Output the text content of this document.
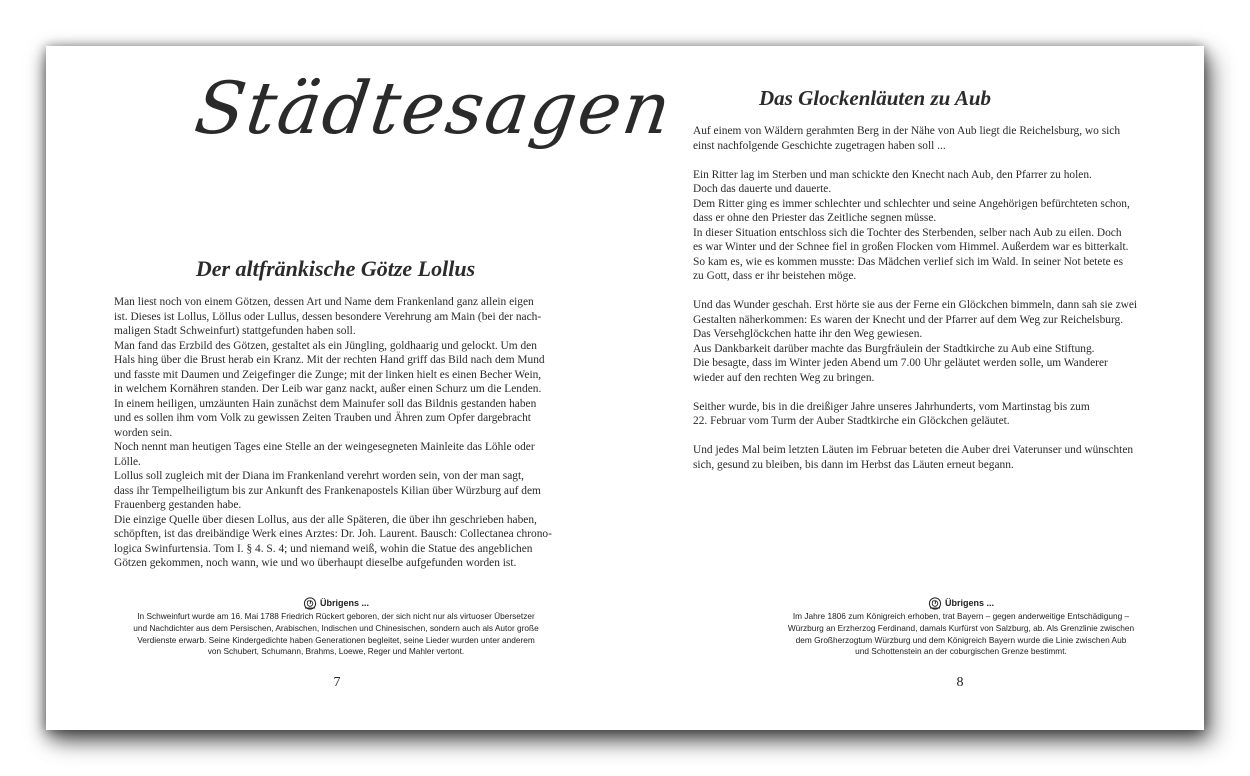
Städtesagen
Der altfränkische Götze Lollus

Man liest noch von einem Götzen, dessen Art und Name dem Frankenland ganz allein eigen

ist. Dieses ist Lollus, Löllus oder Lullus, dessen besondere Verehrung am Main (bei der nach-

maligen Stadt Schweinfurt) stattgefunden haben soll.

Man fand das Erzbild des Götzen, gestaltet als ein Jüngling, goldhaarig und gelockt. Um den

Hals hing über die Brust herab ein Kranz. Mit der rechten Hand griff das Bild nach dem Mund

und fasste mit Daumen und Zeigefinger die Zunge; mit der linken hielt es einen Becher Wein,

in welchem Kornähren standen. Der Leib war ganz nackt, außer einen Schurz um die Lenden.

In einem heiligen, umzäunten Hain zunächst dem Mainufer soll das Bildnis gestanden haben

und es sollen ihm vom Volk zu gewissen Zeiten Trauben und Ähren zum Opfer dargebracht

worden sein.

Noch nennt man heutigen Tages eine Stelle an der weingesegneten Mainleite das Löhle oder Lölle.

Lollus soll zugleich mit der Diana im Frankenland verehrt worden sein, von der man sagt,

dass ihr Tempelheiligtum bis zur Ankunft des Frankenapostels Kilian über Würzburg auf dem

Frauenberg gestanden habe.

Die einzige Quelle über diesen Lollus, aus der alle Späteren, die über ihn geschrieben haben,

schöpften, ist das dreibändige Werk eines Arztes: Dr. Joh. Laurent. Bausch: Collectanea chrono-

logica Swinfurtensia. Tom I. § 4. S. 4; und niemand weiß, wohin die Statue des angeblichen

Götzen gekommen, noch wann, wie und wo überhaupt dieselbe aufgefunden worden ist.

Übrigens ...
In Schweinfurt wurde am 16. Mai 1788 Friedrich Rückert geboren, der sich nicht nur als virtuoser Übersetzer
und Nachdichter aus dem Persischen, Arabischen, Indischen und Chinesischen, sondern auch als Autor große
Verdienste erwarb. Seine Kindergedichte haben Generationen begleitet, seine Lieder wurden unter anderem
von Schubert, Schumann, Brahms, Loewe, Reger und Mahler vertont.
7
Das Glockenläuten zu Aub

Auf einem von Wäldern gerahmten Berg in der Nähe von Aub liegt die Reichelsburg, wo sich

einst nachfolgende Geschichte zugetragen haben soll ...

Ein Ritter lag im Sterben und man schickte den Knecht nach Aub, den Pfarrer zu holen.

Doch das dauerte und dauerte.

Dem Ritter ging es immer schlechter und schlechter und seine Angehörigen befürchteten schon,

dass er ohne den Priester das Zeitliche segnen müsse.

In dieser Situation entschloss sich die Tochter des Sterbenden, selber nach Aub zu eilen. Doch

es war Winter und der Schnee fiel in großen Flocken vom Himmel. Außerdem war es bitterkalt.

So kam es, wie es kommen musste: Das Mädchen verlief sich im Wald. In seiner Not betete es

zu Gott, dass er ihr beistehen möge.

Und das Wunder geschah. Erst hörte sie aus der Ferne ein Glöckchen bimmeln, dann sah sie zwei

Gestalten näherkommen: Es waren der Knecht und der Pfarrer auf dem Weg zur Reichelsburg.

Das Versehglöckchen hatte ihr den Weg gewiesen.

Aus Dankbarkeit darüber machte das Burgfräulein der Stadtkirche zu Aub eine Stiftung.

Die besagte, dass im Winter jeden Abend um 7.00 Uhr geläutet werden solle, um Wanderer

wieder auf den rechten Weg zu bringen.

Seither wurde, bis in die dreißiger Jahre unseres Jahrhunderts, vom Martinstag bis zum

22. Februar vom Turm der Auber Stadtkirche ein Glöckchen geläutet.

Und jedes Mal beim letzten Läuten im Februar beteten die Auber drei Vaterunser und wünschten

sich, gesund zu bleiben, bis dann im Herbst das Läuten erneut begann.

Übrigens ...
Im Jahre 1806 zum Königreich erhoben, trat Bayern – gegen anderweitige Entschädigung –
Würzburg an Erzherzog Ferdinand, damals Kurfürst von Salzburg, ab. Als Grenzlinie zwischen
dem Großherzogtum Würzburg und dem Königreich Bayern wurde die Linie zwischen Aub
und Schottenstein an der coburgischen Grenze bestimmt.
8
